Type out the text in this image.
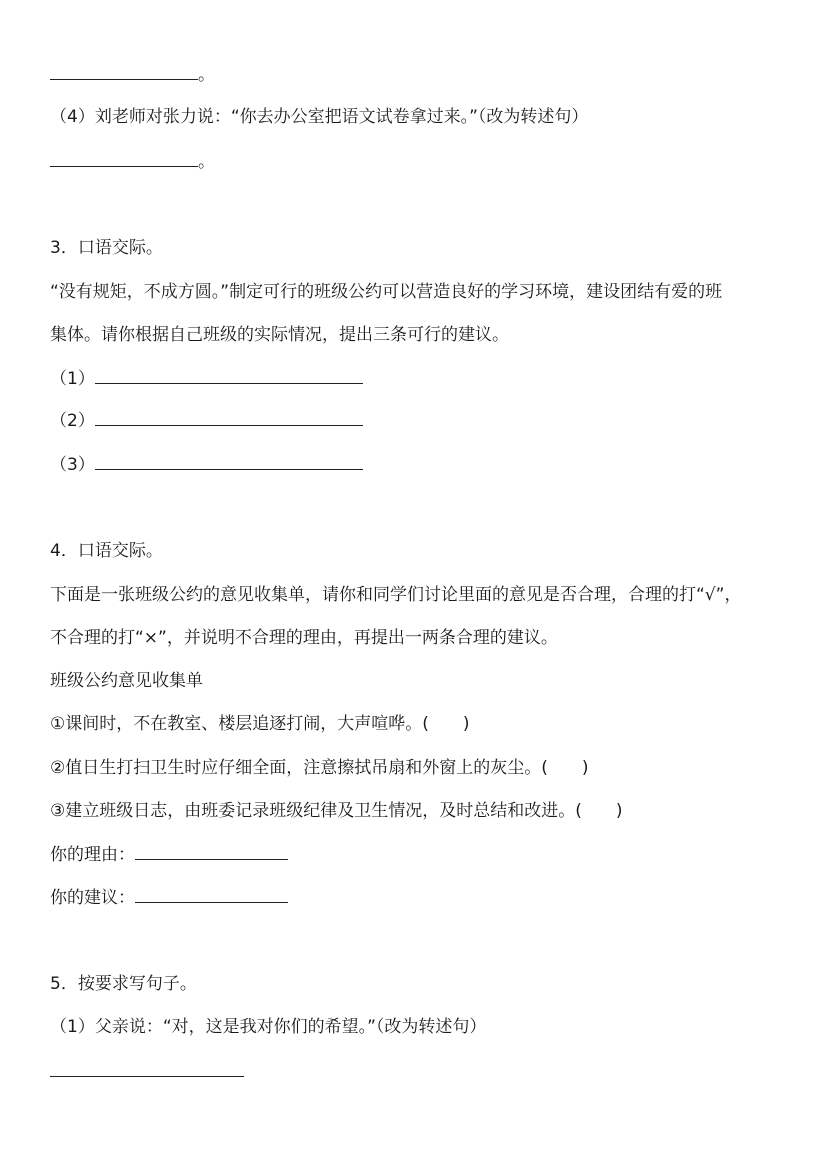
。
（4）刘老师对张力说：“你去办公室把语文试卷拿过来。”（改为转述句）
。
3．口语交际。
“没有规矩，不成方圆。”制定可行的班级公约可以营造良好的学习环境，建设团结有爱的班
集体。请你根据自己班级的实际情况，提出三条可行的建议。
（1）
（2）
（3）
4．口语交际。
下面是一张班级公约的意见收集单，请你和同学们讨论里面的意见是否合理，合理的打“√”，
不合理的打“×”，并说明不合理的理由，再提出一两条合理的建议。
班级公约意见收集单
①课间时，不在教室、楼层追逐打闹，大声喧哗。(　　)
②值日生打扫卫生时应仔细全面，注意擦拭吊扇和外窗上的灰尘。(　　)
③建立班级日志，由班委记录班级纪律及卫生情况，及时总结和改进。(　　)
你的理由：
你的建议：
5．按要求写句子。
（1）父亲说：“对，这是我对你们的希望。”（改为转述句）
